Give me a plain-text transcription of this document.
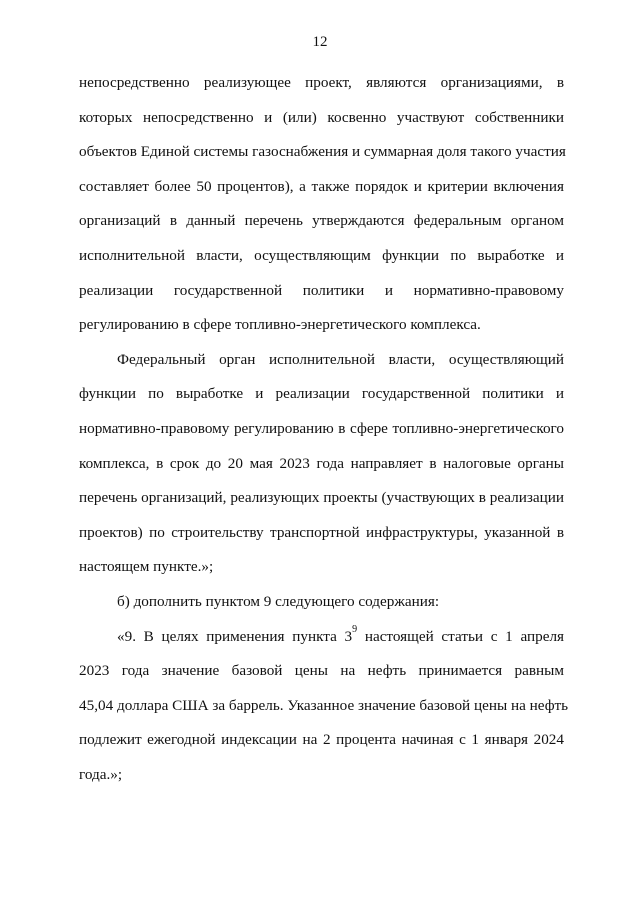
12

непосредственно реализующее проект, являются организациями, в
которых непосредственно и (или) косвенно участвуют собственники
объектов Единой системы газоснабжения и суммарная доля такого участия
составляет более 50 процентов), а также порядок и критерии включения
организаций в данный перечень утверждаются федеральным органом
исполнительной власти, осуществляющим функции по выработке и
реализации государственной политики и нормативно-правовому
регулированию в сфере топливно-энергетического комплекса.

Федеральный орган исполнительной власти, осуществляющий
функции по выработке и реализации государственной политики и
нормативно-правовому регулированию в сфере топливно-энергетического
комплекса, в срок до 20 мая 2023 года направляет в налоговые органы
перечень организаций, реализующих проекты (участвующих в реализации
проектов) по строительству транспортной инфраструктуры, указанной в
настоящем пункте.»;

б) дополнить пунктом 9 следующего содержания:

«9. В целях применения пункта $3^9$ настоящей статьи с 1 апреля
2023 года значение базовой цены на нефть принимается равным
45,04 доллара США за баррель. Указанное значение базовой цены на нефть
подлежит ежегодной индексации на 2 процента начиная с 1 января 2024
года.»;
